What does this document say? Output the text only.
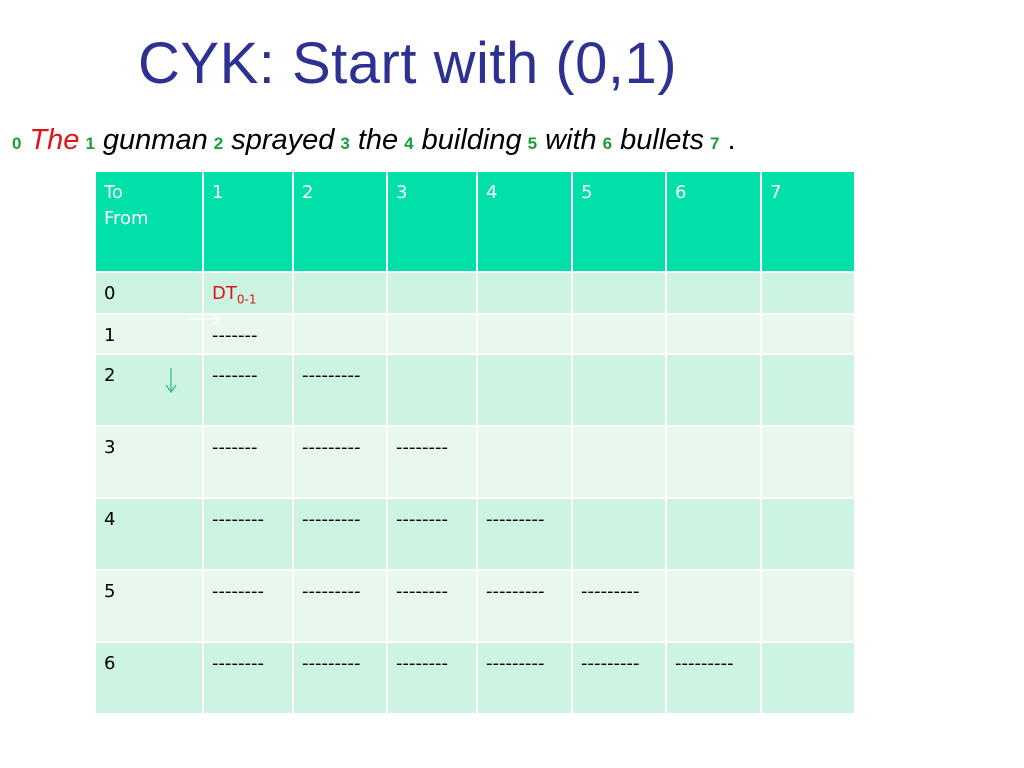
CYK: Start with (0,1)
0 The 1 gunman 2 sprayed 3 the 4 building 5 with 6 bullets 7 .
To
From	1	2	3	4	5	6	7
0	$DT_{0-1}$						
1	-------						
2	-------	---------					
3	-------	---------	--------				
4	--------	---------	--------	---------			
5	--------	---------	--------	---------	---------		
6	--------	---------	--------	---------	---------	---------	
